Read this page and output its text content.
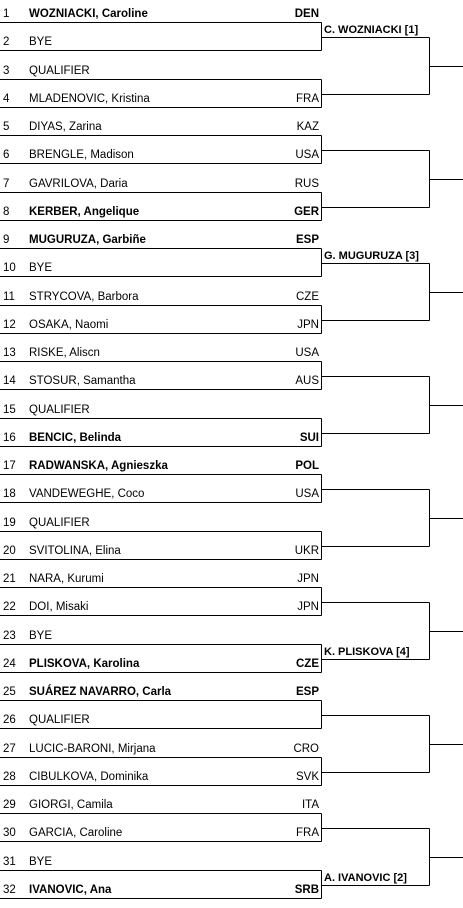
1 WOZNIACKI, Caroline	DEN
2 BYE
3 QUALIFIER
4 MLADENOVIC, Kristina	FRA
5 DIYAS, Zarina	KAZ
6 BRENGLE, Madison	USA
7 GAVRILOVA, Daria	RUS
8 KERBER, Angelique	GER
9 MUGURUZA, Garbiñe	ESP
10 BYE
11 STRYCOVA, Barbora	CZE
12 OSAKA, Naomi	JPN
13 RISKE, Aliscn	USA
14 STOSUR, Samantha	AUS
15 QUALIFIER
16 BENCIC, Belinda	SUI
17 RADWANSKA, Agnieszka	POL
18 VANDEWEGHE, Coco	USA
19 QUALIFIER
20 SVITOLINA, Elina	UKR
21 NARA, Kurumi	JPN
22 DOI, Misaki	JPN
23 BYE
24 PLISKOVA, Karolina	CZE
25 SUÁREZ NAVARRO, Carla	ESP
26 QUALIFIER
27 LUCIC-BARONI, Mirjana	CRO
28 CIBULKOVA, Dominika	SVK
29 GIORGI, Camila	ITA
30 GARCIA, Caroline	FRA
31 BYE
32 IVANOVIC, Ana	SRB
C. WOZNIACKI [1]
G. MUGURUZA [3]
K. PLISKOVA [4]
A. IVANOVIC [2]
